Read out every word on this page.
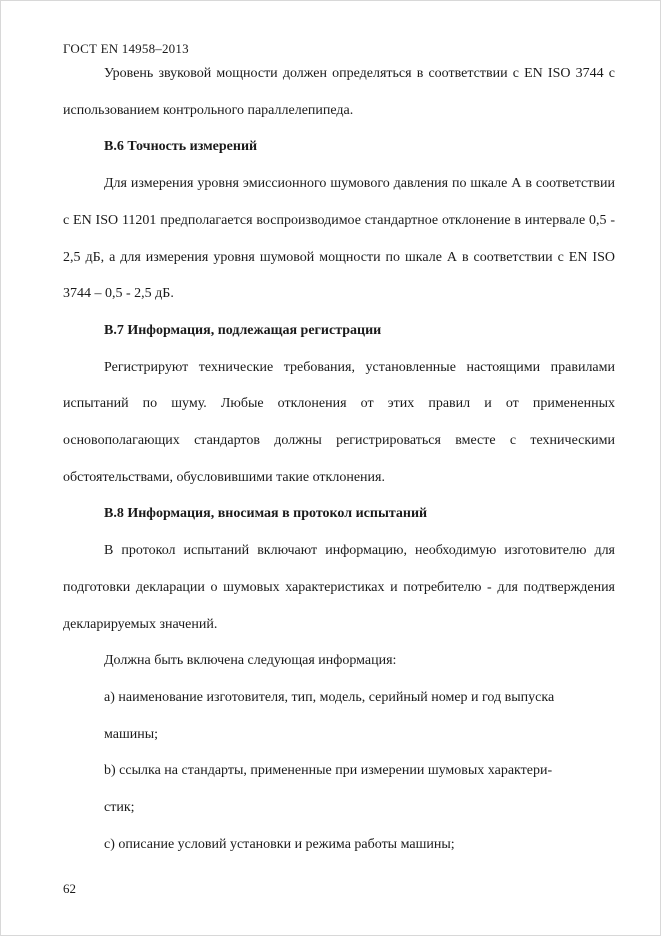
ГОСТ EN 14958–2013

Уровень звуковой мощности должен определяться в соответствии с EN ISO 3744 с использованием контрольного параллелепипеда.

В.6 Точность измерений

Для измерения уровня эмиссионного шумового давления по шкале А в соответствии с EN ISO 11201 предполагается воспроизводимое стандартное отклонение в интервале 0,5 - 2,5 дБ, а для измерения уровня шумовой мощности по шкале А в соответствии с EN ISO 3744 – 0,5 - 2,5 дБ.

В.7 Информация, подлежащая регистрации

Регистрируют технические требования, установленные настоящими правилами испытаний по шуму. Любые отклонения от этих правил и от примененных основополагающих стандартов должны регистрироваться вместе с техническими обстоятельствами, обусловившими такие отклонения.

В.8 Информация, вносимая в протокол испытаний

В протокол испытаний включают информацию, необходимую изготовителю для подготовки декларации о шумовых характеристиках и потребителю - для подтверждения декларируемых значений.

Должна быть включена следующая информация:

а) наименование изготовителя, тип, модель, серийный номер и год выпуска
машины;

b) ссылка на стандарты, примененные при измерении шумовых характери-
стик;

с) описание условий установки и режима работы машины;

62
